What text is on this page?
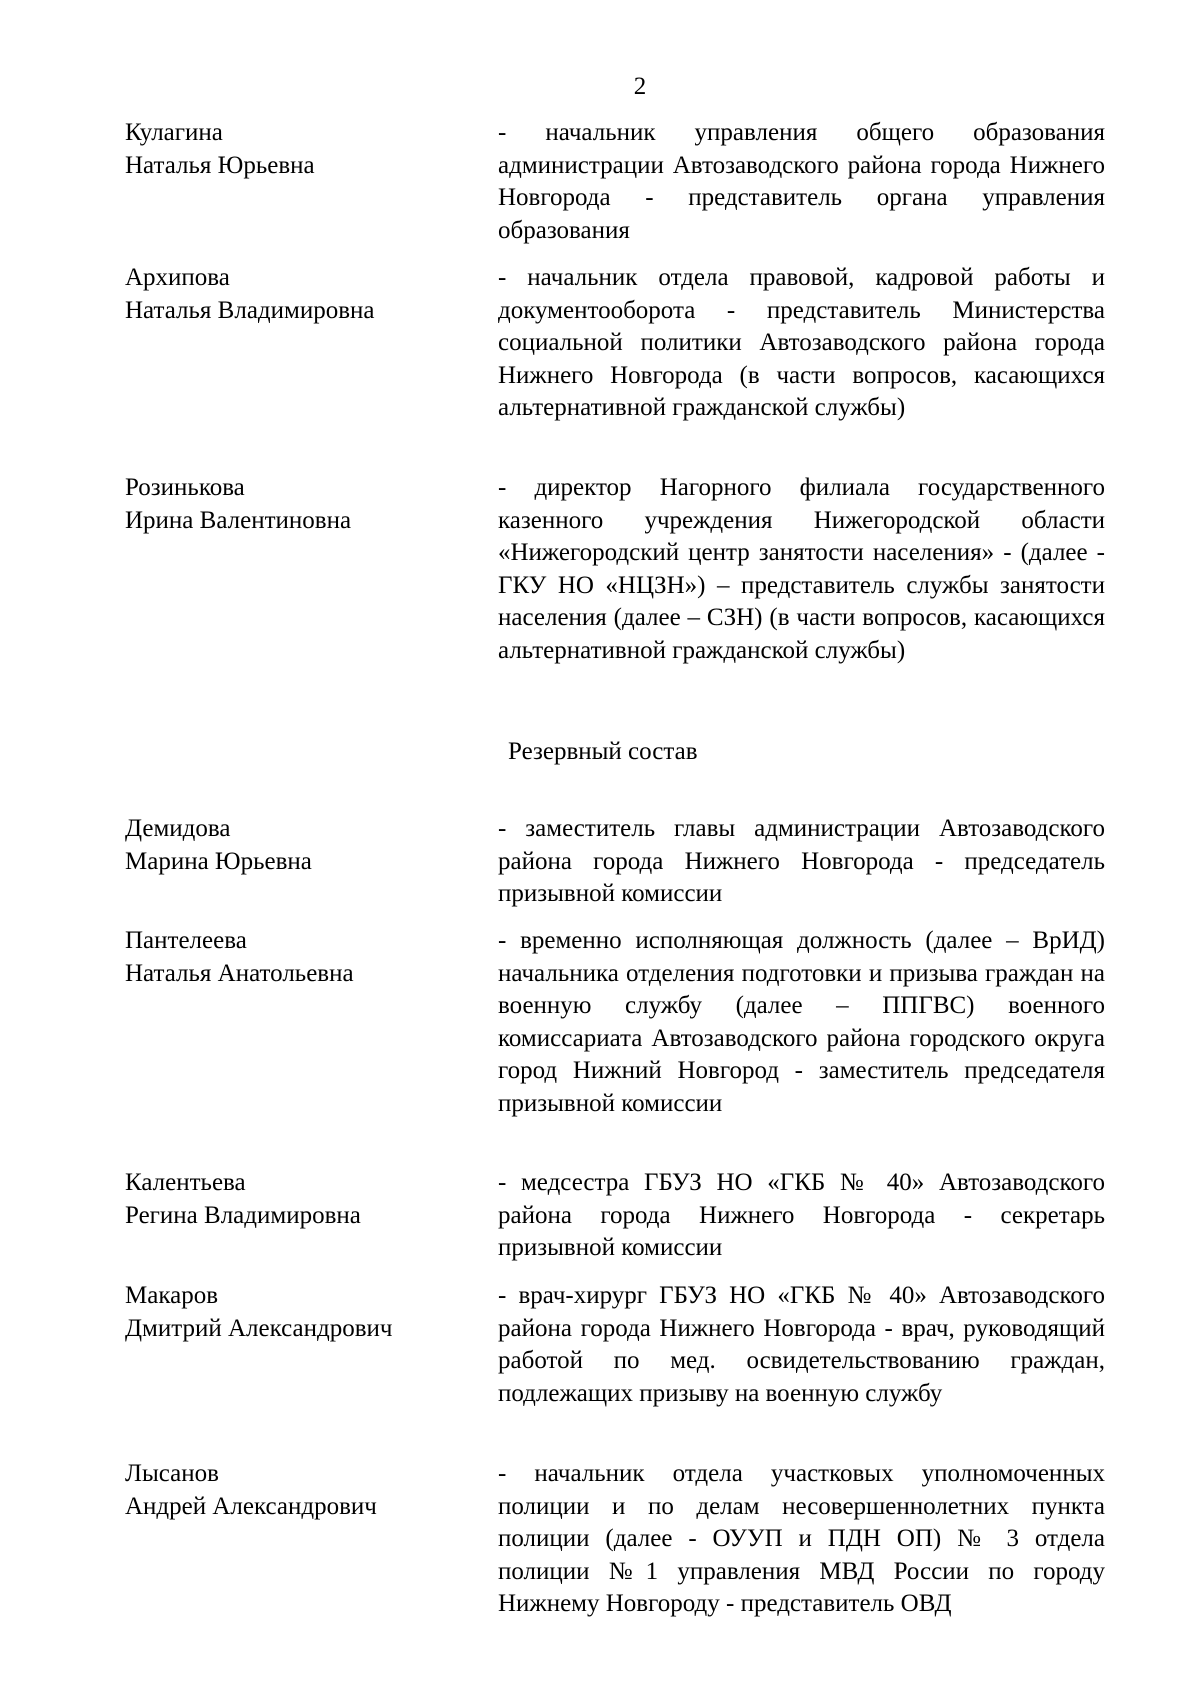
2
Кулагина
Наталья Юрьевна
- начальник управления общего образования администрации Автозаводского района города Нижнего Новгорода - представитель органа управления образования
Архипова
Наталья Владимировна
- начальник отдела правовой, кадровой работы и документооборота - представитель Министерства социальной политики Автозаводского района города Нижнего Новгорода (в части вопросов, касающихся альтернативной гражданской службы)
Розинькова
Ирина Валентиновна
- директор Нагорного филиала государственного казенного учреждения Нижегородской области «Нижегородский центр занятости населения» - (далее - ГКУ НО «НЦЗН») – представитель службы занятости населения (далее – СЗН) (в части вопросов, касающихся альтернативной гражданской службы)
Резервный состав
Демидова
Марина Юрьевна
- заместитель главы администрации Автозаводского района города Нижнего Новгорода - председатель призывной комиссии
Пантелеева
Наталья Анатольевна
- временно исполняющая должность (далее – ВрИД) начальника отделения подготовки и призыва граждан на военную службу (далее – ППГВС) военного комиссариата Автозаводского района городского округа город Нижний Новгород - заместитель председателя призывной комиссии
Калентьева
Регина Владимировна
- медсестра ГБУЗ НО «ГКБ № 40» Автозаводского района города Нижнего Новгорода - секретарь призывной комиссии
Макаров
Дмитрий Александрович
- врач-хирург ГБУЗ НО «ГКБ № 40» Автозаводского района города Нижнего Новгорода - врач, руководящий работой по мед. освидетельствованию граждан, подлежащих призыву на военную службу
Лысанов
Андрей Александрович
- начальник отдела участковых уполномоченных полиции и по делам несовершеннолетних пункта полиции (далее - ОУУП и ПДН ОП) № 3 отдела полиции №1 управления МВД России по городу Нижнему Новгороду - представитель ОВД
